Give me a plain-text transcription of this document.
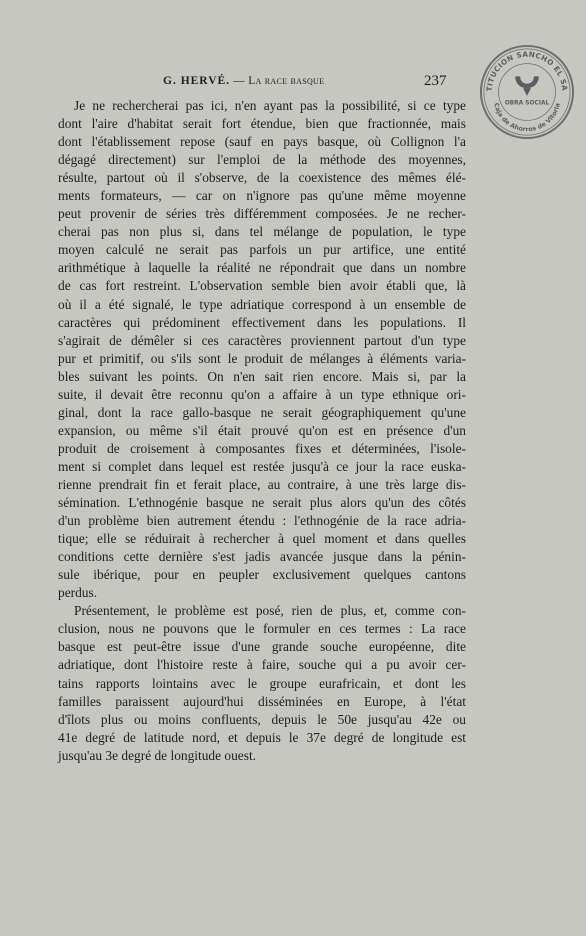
G. HERVÉ. — La race basque	237	TITUCION SANCHO EL SA
Caja de Ahorros de Vitoria
OBRA SOCIAL

Je ne rechercherai pas ici, n'en ayant pas la possibilité, si ce type
dont l'aire d'habitat serait fort étendue, bien que fractionnée, mais
dont l'établissement repose (sauf en pays basque, où Collignon l'a
dégagé directement) sur l'emploi de la méthode des moyennes,
résulte, partout où il s'observe, de la coexistence des mêmes élé-
ments formateurs, — car on n'ignore pas qu'une même moyenne
peut provenir de séries très différemment composées. Je ne recher-
cherai pas non plus si, dans tel mélange de population, le type
moyen calculé ne serait pas parfois un pur artifice, une entité
arithmétique à laquelle la réalité ne répondrait que dans un nombre
de cas fort restreint. L'observation semble bien avoir établi que, là
où il a été signalé, le type adriatique correspond à un ensemble de
caractères qui prédominent effectivement dans les populations. Il
s'agirait de démêler si ces caractères proviennent partout d'un type
pur et primitif, ou s'ils sont le produit de mélanges à éléments varia-
bles suivant les points. On n'en sait rien encore. Mais si, par la
suite, il devait être reconnu qu'on a affaire à un type ethnique ori-
ginal, dont la race gallo-basque ne serait géographiquement qu'une
expansion, ou même s'il était prouvé qu'on est en présence d'un
produit de croisement à composantes fixes et déterminées, l'isole-
ment si complet dans lequel est restée jusqu'à ce jour la race euska-
rienne prendrait fin et ferait place, au contraire, à une très large dis-
sémination. L'ethnogénie basque ne serait plus alors qu'un des côtés
d'un problème bien autrement étendu : l'ethnogénie de la race adria-
tique; elle se réduirait à rechercher à quel moment et dans quelles
conditions cette dernière s'est jadis avancée jusque dans la pénin-
sule ibérique, pour en peupler exclusivement quelques cantons
perdus.

Présentement, le problème est posé, rien de plus, et, comme con-
clusion, nous ne pouvons que le formuler en ces termes : La race
basque est peut-être issue d'une grande souche européenne, dite
adriatique, dont l'histoire reste à faire, souche qui a pu avoir cer-
tains rapports lointains avec le groupe eurafricain, et dont les
familles paraissent aujourd'hui disséminées en Europe, à l'état
d'îlots plus ou moins confluents, depuis le 50e jusqu'au 42e ou
41e degré de latitude nord, et depuis le 37e degré de longitude est
jusqu'au 3e degré de longitude ouest.
